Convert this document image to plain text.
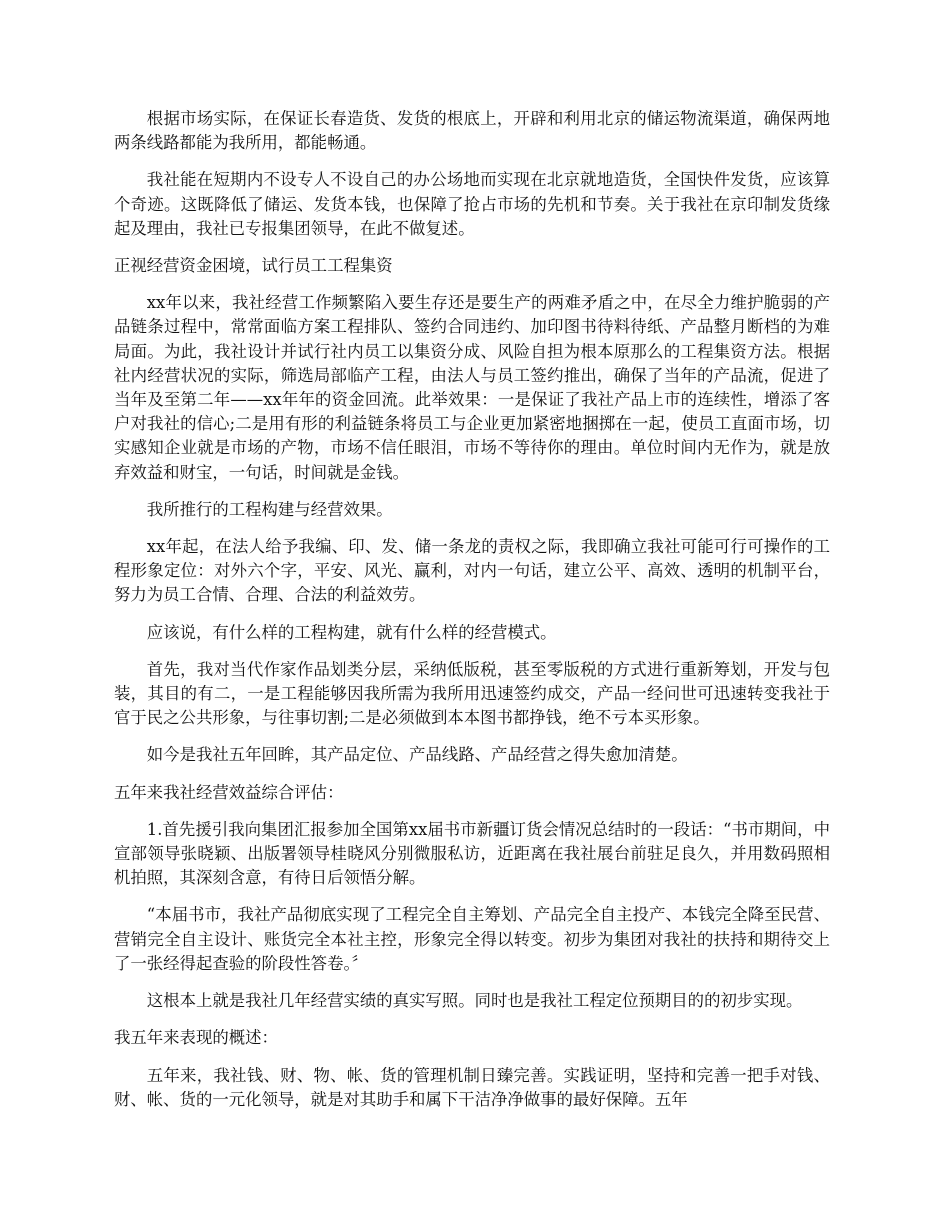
根据市场实际，在保证长春造货、发货的根底上，开辟和利用北京的储运物流渠道，确保两地两条线路都能为我所用，都能畅通。

我社能在短期内不设专人不设自己的办公场地而实现在北京就地造货，全国快件发货，应该算个奇迹。这既降低了储运、发货本钱，也保障了抢占市场的先机和节奏。关于我社在京印制发货缘起及理由，我社已专报集团领导，在此不做复述。

正视经营资金困境，试行员工工程集资

xx年以来，我社经营工作频繁陷入要生存还是要生产的两难矛盾之中，在尽全力维护脆弱的产品链条过程中，常常面临方案工程排队、签约合同违约、加印图书待料待纸、产品整月断档的为难局面。为此，我社设计并试行社内员工以集资分成、风险自担为根本原那么的工程集资方法。根据社内经营状况的实际，筛选局部临产工程，由法人与员工签约推出，确保了当年的产品流，促进了当年及至第二年——xx年年的资金回流。此举效果：一是保证了我社产品上市的连续性，增添了客户对我社的信心;二是用有形的利益链条将员工与企业更加紧密地捆掷在一起，使员工直面市场，切实感知企业就是市场的产物，市场不信任眼泪，市场不等待你的理由。单位时间内无作为，就是放弃效益和财宝，一句话，时间就是金钱。

我所推行的工程构建与经营效果。

xx年起，在法人给予我编、印、发、储一条龙的责权之际，我即确立我社可能可行可操作的工程形象定位：对外六个字，平安、风光、赢利，对内一句话，建立公平、高效、透明的机制平台，努力为员工合情、合理、合法的利益效劳。

应该说，有什么样的工程构建，就有什么样的经营模式。

首先，我对当代作家作品划类分层，采纳低版税，甚至零版税的方式进行重新筹划，开发与包装，其目的有二，一是工程能够因我所需为我所用迅速签约成交，产品一经问世可迅速转变我社于官于民之公共形象，与往事切割;二是必须做到本本图书都挣钱，绝不亏本买形象。

如今是我社五年回眸，其产品定位、产品线路、产品经营之得失愈加清楚。

五年来我社经营效益综合评估：

1.首先援引我向集团汇报参加全国第xx届书市新疆订货会情况总结时的一段话：“书市期间，中宣部领导张晓颖、出版署领导桂晓风分别微服私访，近距离在我社展台前驻足良久，并用数码照相机拍照，其深刻含意，有待日后领悟分解。

“本届书市，我社产品彻底实现了工程完全自主筹划、产品完全自主投产、本钱完全降至民营、营销完全自主设计、账货完全本社主控，形象完全得以转变。初步为集团对我社的扶持和期待交上了一张经得起查验的阶段性答卷。〞

这根本上就是我社几年经营实绩的真实写照。同时也是我社工程定位预期目的的初步实现。

我五年来表现的概述：

五年来，我社钱、财、物、帐、货的管理机制日臻完善。实践证明，坚持和完善一把手对钱、财、帐、货的一元化领导，就是对其助手和属下干洁净净做事的最好保障。五年
